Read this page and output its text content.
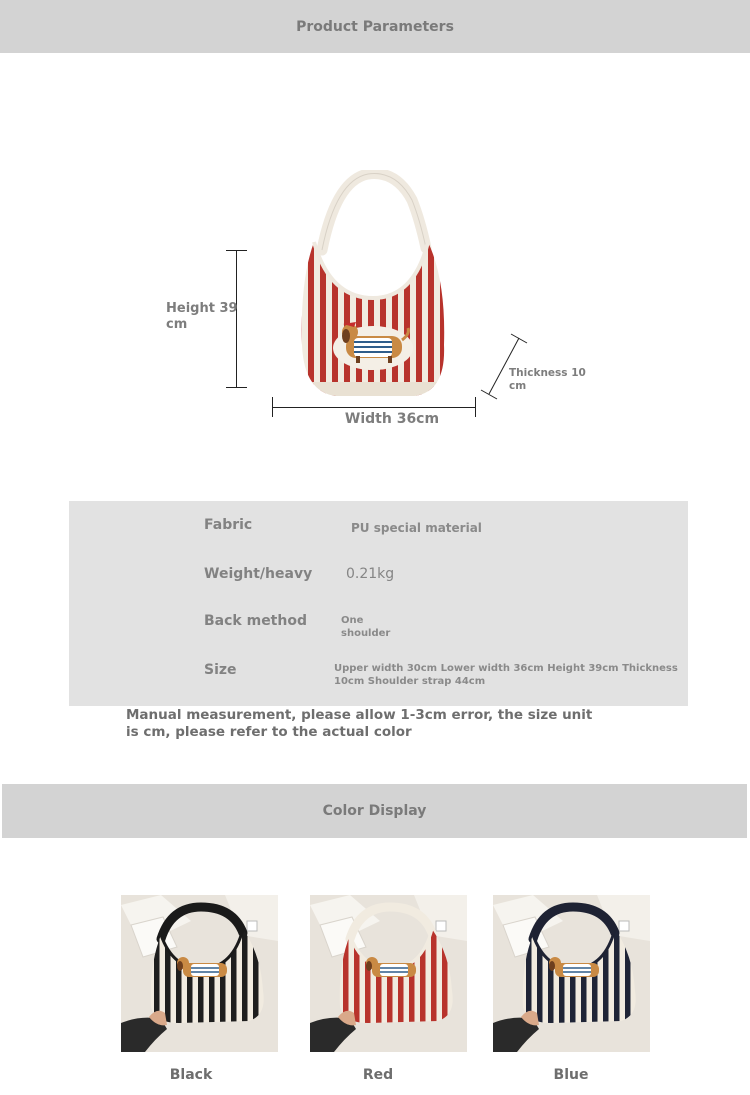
Product Parameters
Height 39 cm
Width 36cm
Thickness 10 cm
Fabric	PU special material
Weight/heavy 0.21kg
Back method	One shoulder
Size	Upper width 30cm Lower width 36cm Height 39cm Thickness 10cm Shoulder strap 44cm
Manual measurement, please allow 1-3cm error, the size unit is cm, please refer to the actual color
Color Display
Black	Red	Blue
